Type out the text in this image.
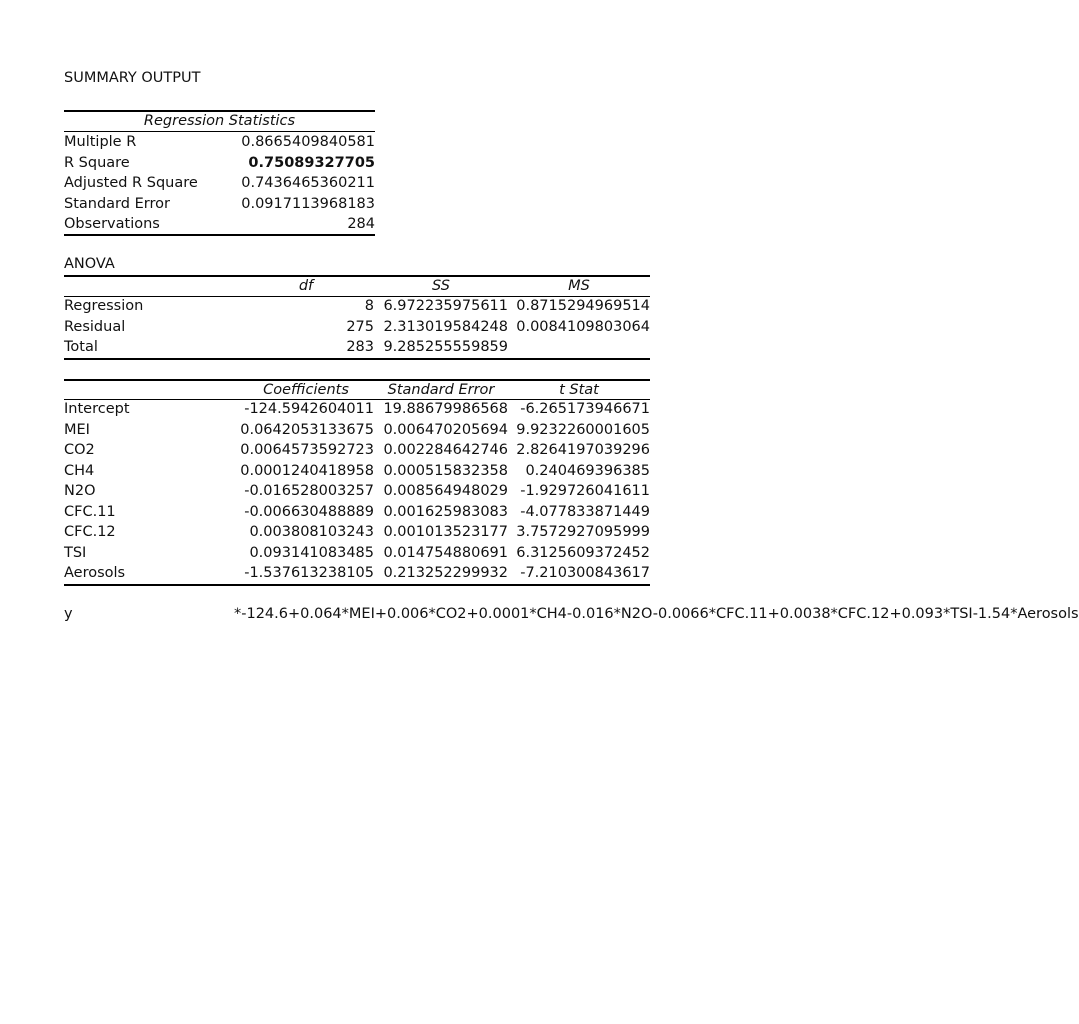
SUMMARY OUTPUT
Regression Statistics
Multiple R	0.8665409840581
R Square	0.75089327705
Adjusted R Square	0.7436465360211
Standard Error	0.0917113968183
Observations	284
ANOVA
	df	SS	MS
Regression	8	6.972235975611	0.8715294969514
Residual	275	2.313019584248	0.0084109803064
Total	283	9.285255559859	
	Coefficients	Standard Error	t Stat
Intercept	-124.5942604011	19.88679986568	-6.265173946671
MEI	0.0642053133675	0.006470205694	9.9232260001605
CO2	0.0064573592723	0.002284642746	2.8264197039296
CH4	0.0001240418958	0.000515832358	0.240469396385
N2O	-0.016528003257	0.008564948029	-1.929726041611
CFC.11	-0.006630488889	0.001625983083	-4.077833871449
CFC.12	0.003808103243	0.001013523177	3.7572927095999
TSI	0.093141083485	0.014754880691	6.3125609372452
Aerosols	-1.537613238105	0.213252299932	-7.210300843617
y	*-124.6+0.064*MEI+0.006*CO2+0.0001*CH4-0.016*N2O-0.0066*CFC.11+0.0038*CFC.12+0.093*TSI-1.54*Aerosols
